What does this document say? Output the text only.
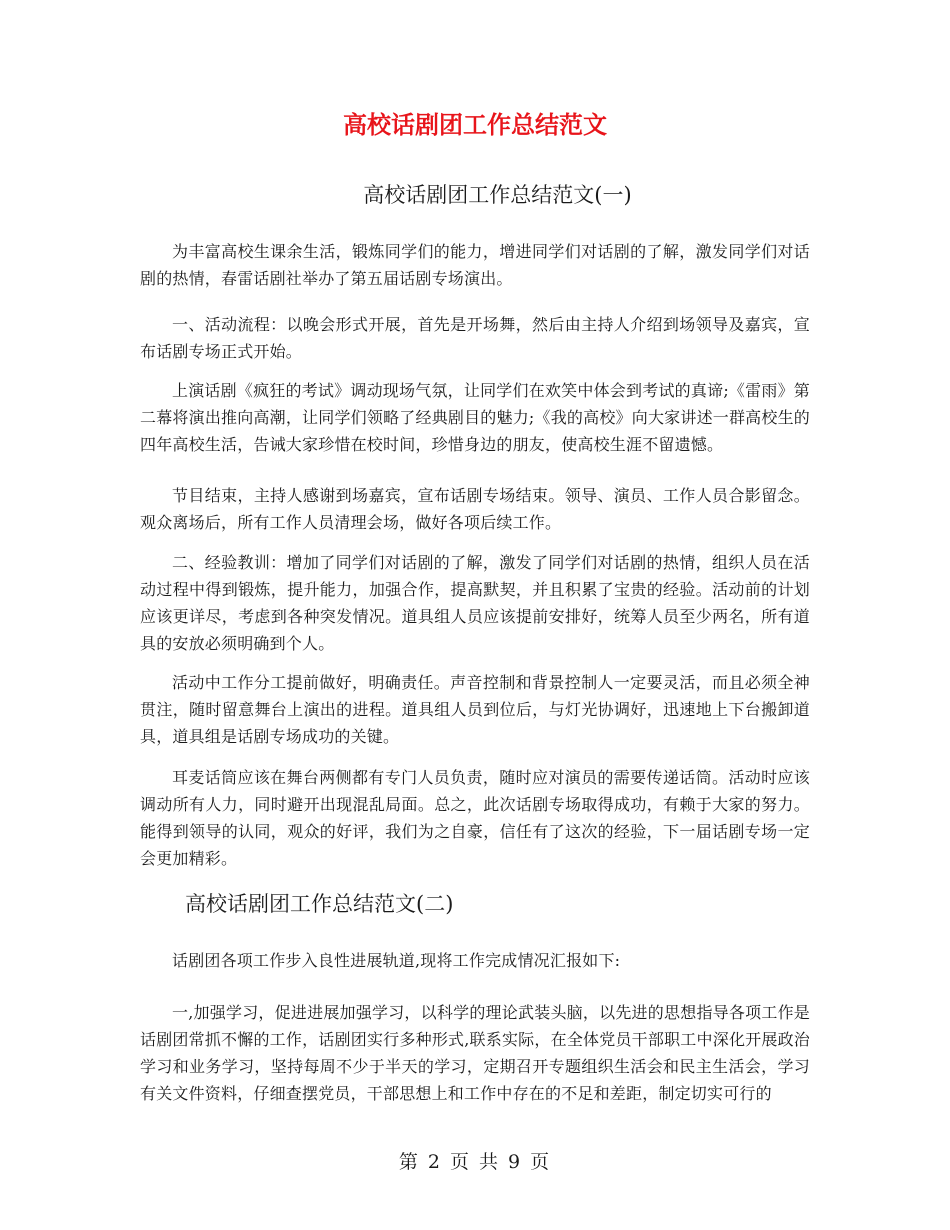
高校话剧团工作总结范文
高校话剧团工作总结范文(一)

为丰富高校生课余生活，锻炼同学们的能力，增进同学们对话剧的了解，激发同学们对话剧的热情，春雷话剧社举办了第五届话剧专场演出。

一、活动流程：以晚会形式开展，首先是开场舞，然后由主持人介绍到场领导及嘉宾，宣布话剧专场正式开始。

上演话剧《疯狂的考试》调动现场气氛，让同学们在欢笑中体会到考试的真谛;《雷雨》第二幕将演出推向高潮，让同学们领略了经典剧目的魅力;《我的高校》向大家讲述一群高校生的四年高校生活，告诫大家珍惜在校时间，珍惜身边的朋友，使高校生涯不留遗憾。

节目结束，主持人感谢到场嘉宾，宣布话剧专场结束。领导、演员、工作人员合影留念。观众离场后，所有工作人员清理会场，做好各项后续工作。

二、经验教训：增加了同学们对话剧的了解，激发了同学们对话剧的热情，组织人员在活动过程中得到锻炼，提升能力，加强合作，提高默契，并且积累了宝贵的经验。活动前的计划应该更详尽，考虑到各种突发情况。道具组人员应该提前安排好，统筹人员至少两名，所有道具的安放必须明确到个人。

活动中工作分工提前做好，明确责任。声音控制和背景控制人一定要灵活，而且必须全神贯注，随时留意舞台上演出的进程。道具组人员到位后，与灯光协调好，迅速地上下台搬卸道具，道具组是话剧专场成功的关键。

耳麦话筒应该在舞台两侧都有专门人员负责，随时应对演员的需要传递话筒。活动时应该调动所有人力，同时避开出现混乱局面。总之，此次话剧专场取得成功，有赖于大家的努力。能得到领导的认同，观众的好评，我们为之自豪，信任有了这次的经验，下一届话剧专场一定会更加精彩。

高校话剧团工作总结范文(二)

话剧团各项工作步入良性进展轨道,现将工作完成情况汇报如下:

一,加强学习，促进进展加强学习，以科学的理论武装头脑，以先进的思想指导各项工作是话剧团常抓不懈的工作，话剧团实行多种形式,联系实际，在全体党员干部职工中深化开展政治学习和业务学习，坚持每周不少于半天的学习，定期召开专题组织生活会和民主生活会，学习有关文件资料，仔细查摆党员，干部思想上和工作中存在的不足和差距，制定切实可行的

第 2 页 共 9 页
